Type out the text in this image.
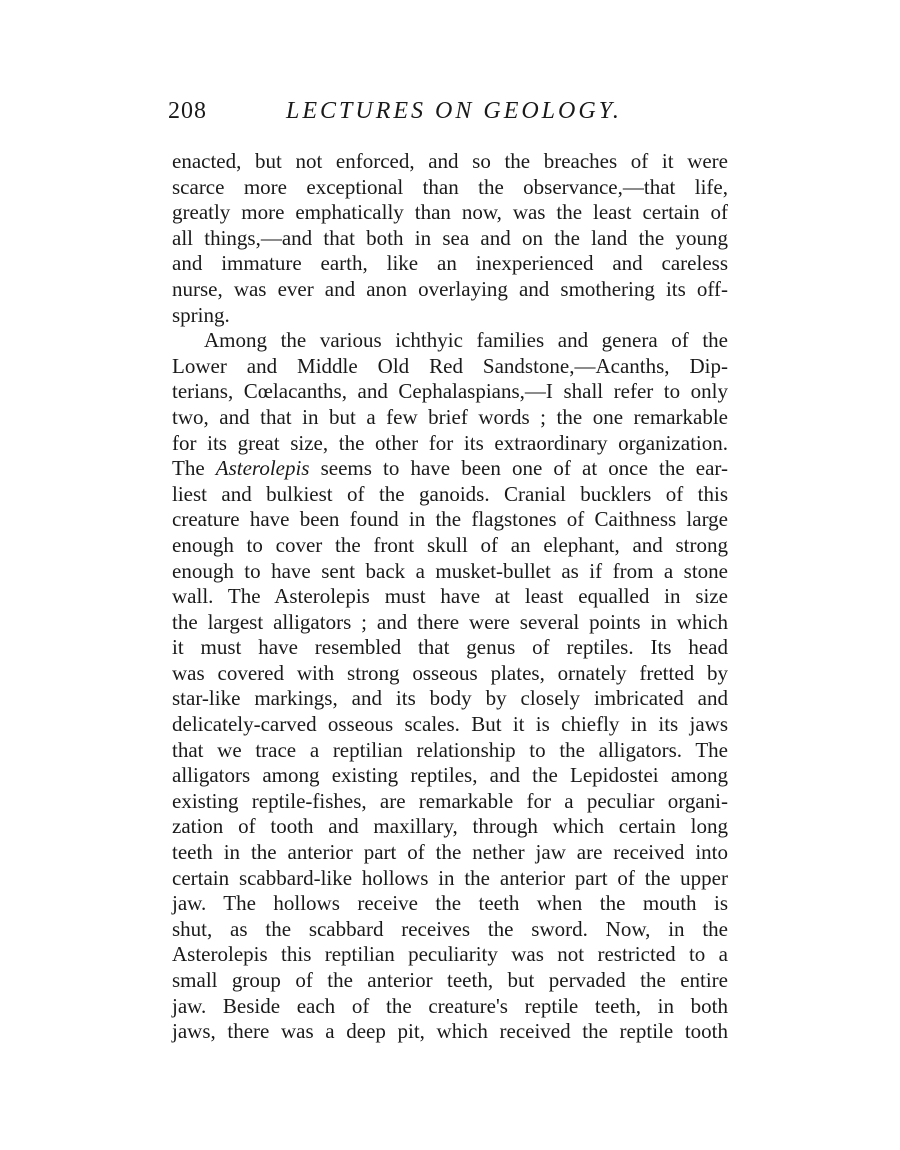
208	LECTURES ON GEOLOGY.
enacted, but not enforced, and so the breaches of it were
scarce more exceptional than the observance,—that life,
greatly more emphatically than now, was the least certain of
all things,—and that both in sea and on the land the young
and immature earth, like an inexperienced and careless
nurse, was ever and anon overlaying and smothering its off-
spring.
Among the various ichthyic families and genera of the
Lower and Middle Old Red Sandstone,—Acanths, Dip-
terians, Cœlacanths, and Cephalaspians,—I shall refer to only
two, and that in but a few brief words ; the one remarkable
for its great size, the other for its extraordinary organization.
The Asterolepis seems to have been one of at once the ear-
liest and bulkiest of the ganoids. Cranial bucklers of this
creature have been found in the flagstones of Caithness large
enough to cover the front skull of an elephant, and strong
enough to have sent back a musket-bullet as if from a stone
wall. The Asterolepis must have at least equalled in size
the largest alligators ; and there were several points in which
it must have resembled that genus of reptiles. Its head
was covered with strong osseous plates, ornately fretted by
star-like markings, and its body by closely imbricated and
delicately-carved osseous scales. But it is chiefly in its jaws
that we trace a reptilian relationship to the alligators. The
alligators among existing reptiles, and the Lepidostei among
existing reptile-fishes, are remarkable for a peculiar organi-
zation of tooth and maxillary, through which certain long
teeth in the anterior part of the nether jaw are received into
certain scabbard-like hollows in the anterior part of the upper
jaw. The hollows receive the teeth when the mouth is
shut, as the scabbard receives the sword. Now, in the
Asterolepis this reptilian peculiarity was not restricted to a
small group of the anterior teeth, but pervaded the entire
jaw. Beside each of the creature's reptile teeth, in both
jaws, there was a deep pit, which received the reptile tooth
